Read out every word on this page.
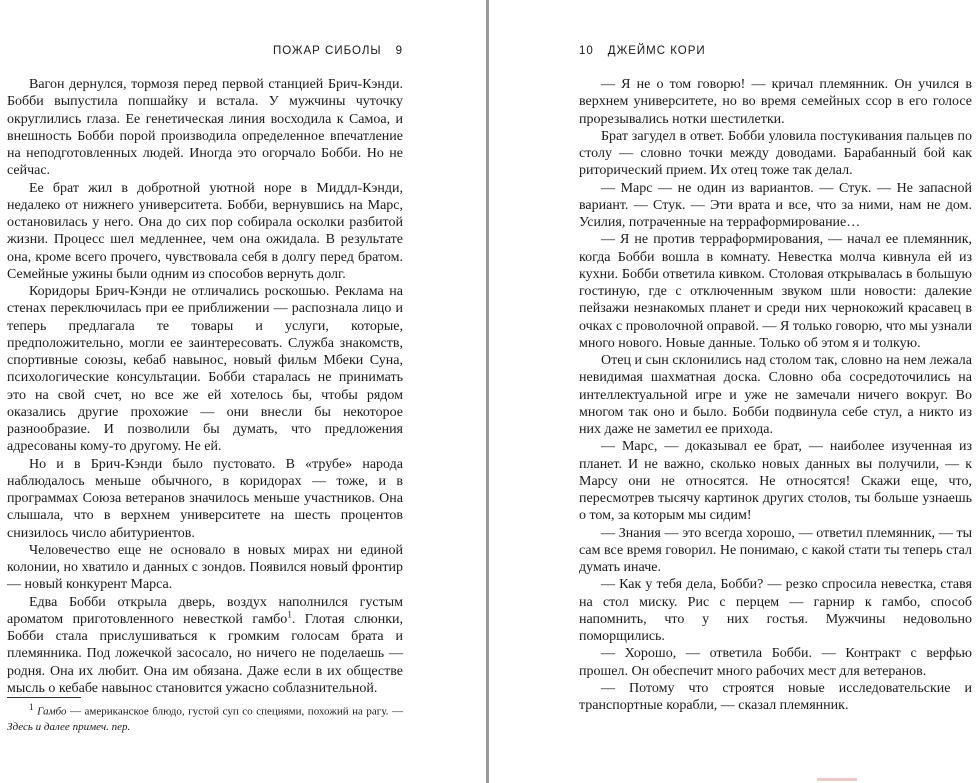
ПОЖАР СИБОЛЫ 9

Вагон дернулся, тормозя перед первой станцией Брич-Кэнди. Бобби выпустила попшайку и встала. У мужчины чуточку округлились глаза. Ее генетическая линия восходила к Самоа, и внешность Бобби порой производила определенное впечатление на неподготовленных людей. Иногда это огорчало Бобби. Но не сейчас.

Ее брат жил в добротной уютной норе в Миддл-Кэнди, недалеко от нижнего университета. Бобби, вернувшись на Марс, остановилась у него. Она до сих пор собирала осколки разбитой жизни. Процесс шел медленнее, чем она ожидала. В результате она, кроме всего прочего, чувствовала себя в долгу перед братом. Семейные ужины были одним из способов вернуть долг.

Коридоры Брич-Кэнди не отличались роскошью. Реклама на стенах переключилась при ее приближении — распознала лицо и теперь предлагала те товары и услуги, которые, предположительно, могли ее заинтересовать. Служба знакомств, спортивные союзы, кебаб навынос, новый фильм Мбеки Суна, психологические консультации. Бобби старалась не принимать это на свой счет, но все же ей хотелось бы, чтобы рядом оказались другие прохожие — они внесли бы некоторое разнообразие. И позволили бы думать, что предложения адресованы кому-то другому. Не ей.

Но и в Брич-Кэнди было пустовато. В «трубе» народа наблюдалось меньше обычного, в коридорах — тоже, и в программах Союза ветеранов значилось меньше участников. Она слышала, что в верхнем университете на шесть процентов снизилось число абитуриентов.

Человечество еще не основало в новых мирах ни единой колонии, но хватило и данных с зондов. Появился новый фронтир — новый конкурент Марса.

Едва Бобби открыла дверь, воздух наполнился густым ароматом приготовленного невесткой гамбо$^1$. Глотая слюнки, Бобби стала прислушиваться к громким голосам брата и племянника. Под ложечкой засосало, но ничего не поделаешь — родня. Она их любит. Она им обязана. Даже если в их обществе мысль о кебабе навынос становится ужасно соблазнительной.

$^1$ Гамбо — американское блюдо, густой суп со специями, похожий на рагу. — Здесь и далее примеч. пер.

10 ДЖЕЙМС КОРИ

— Я не о том говорю! — кричал племянник. Он учился в верхнем университете, но во время семейных ссор в его голосе прорезывались нотки шестилетки.

Брат загудел в ответ. Бобби уловила постукивания пальцев по столу — словно точки между доводами. Барабанный бой как риторический прием. Их отец тоже так делал.

— Марс — не один из вариантов. — Стук. — Не запасной вариант. — Стук. — Эти врата и все, что за ними, нам не дом. Усилия, потраченные на терраформирование…

— Я не против терраформирования, — начал ее племянник, когда Бобби вошла в комнату. Невестка молча кивнула ей из кухни. Бобби ответила кивком. Столовая открывалась в большую гостиную, где с отключенным звуком шли новости: далекие пейзажи незнакомых планет и среди них чернокожий красавец в очках с проволочной оправой. — Я только говорю, что мы узнали много нового. Новые данные. Только об этом я и толкую.

Отец и сын склонились над столом так, словно на нем лежала невидимая шахматная доска. Словно оба сосредоточились на интеллектуальной игре и уже не замечали ничего вокруг. Во многом так оно и было. Бобби подвинула себе стул, а никто из них даже не заметил ее прихода.

— Марс, — доказывал ее брат, — наиболее изученная из планет. И не важно, сколько новых данных вы получили, — к Марсу они не относятся. Не относятся! Скажи еще, что, пересмотрев тысячу картинок других столов, ты больше узнаешь о том, за которым мы сидим!

— Знания — это всегда хорошо, — ответил племянник, — ты сам все время говорил. Не понимаю, с какой стати ты теперь стал думать иначе.

— Как у тебя дела, Бобби? — резко спросила невестка, ставя на стол миску. Рис с перцем — гарнир к гамбо, способ напомнить, что у них гостья. Мужчины недовольно поморщились.

— Хорошо, — ответила Бобби. — Контракт с верфью прошел. Он обеспечит много рабочих мест для ветеранов.

— Потому что строятся новые исследовательские и транспортные корабли, — сказал племянник.
